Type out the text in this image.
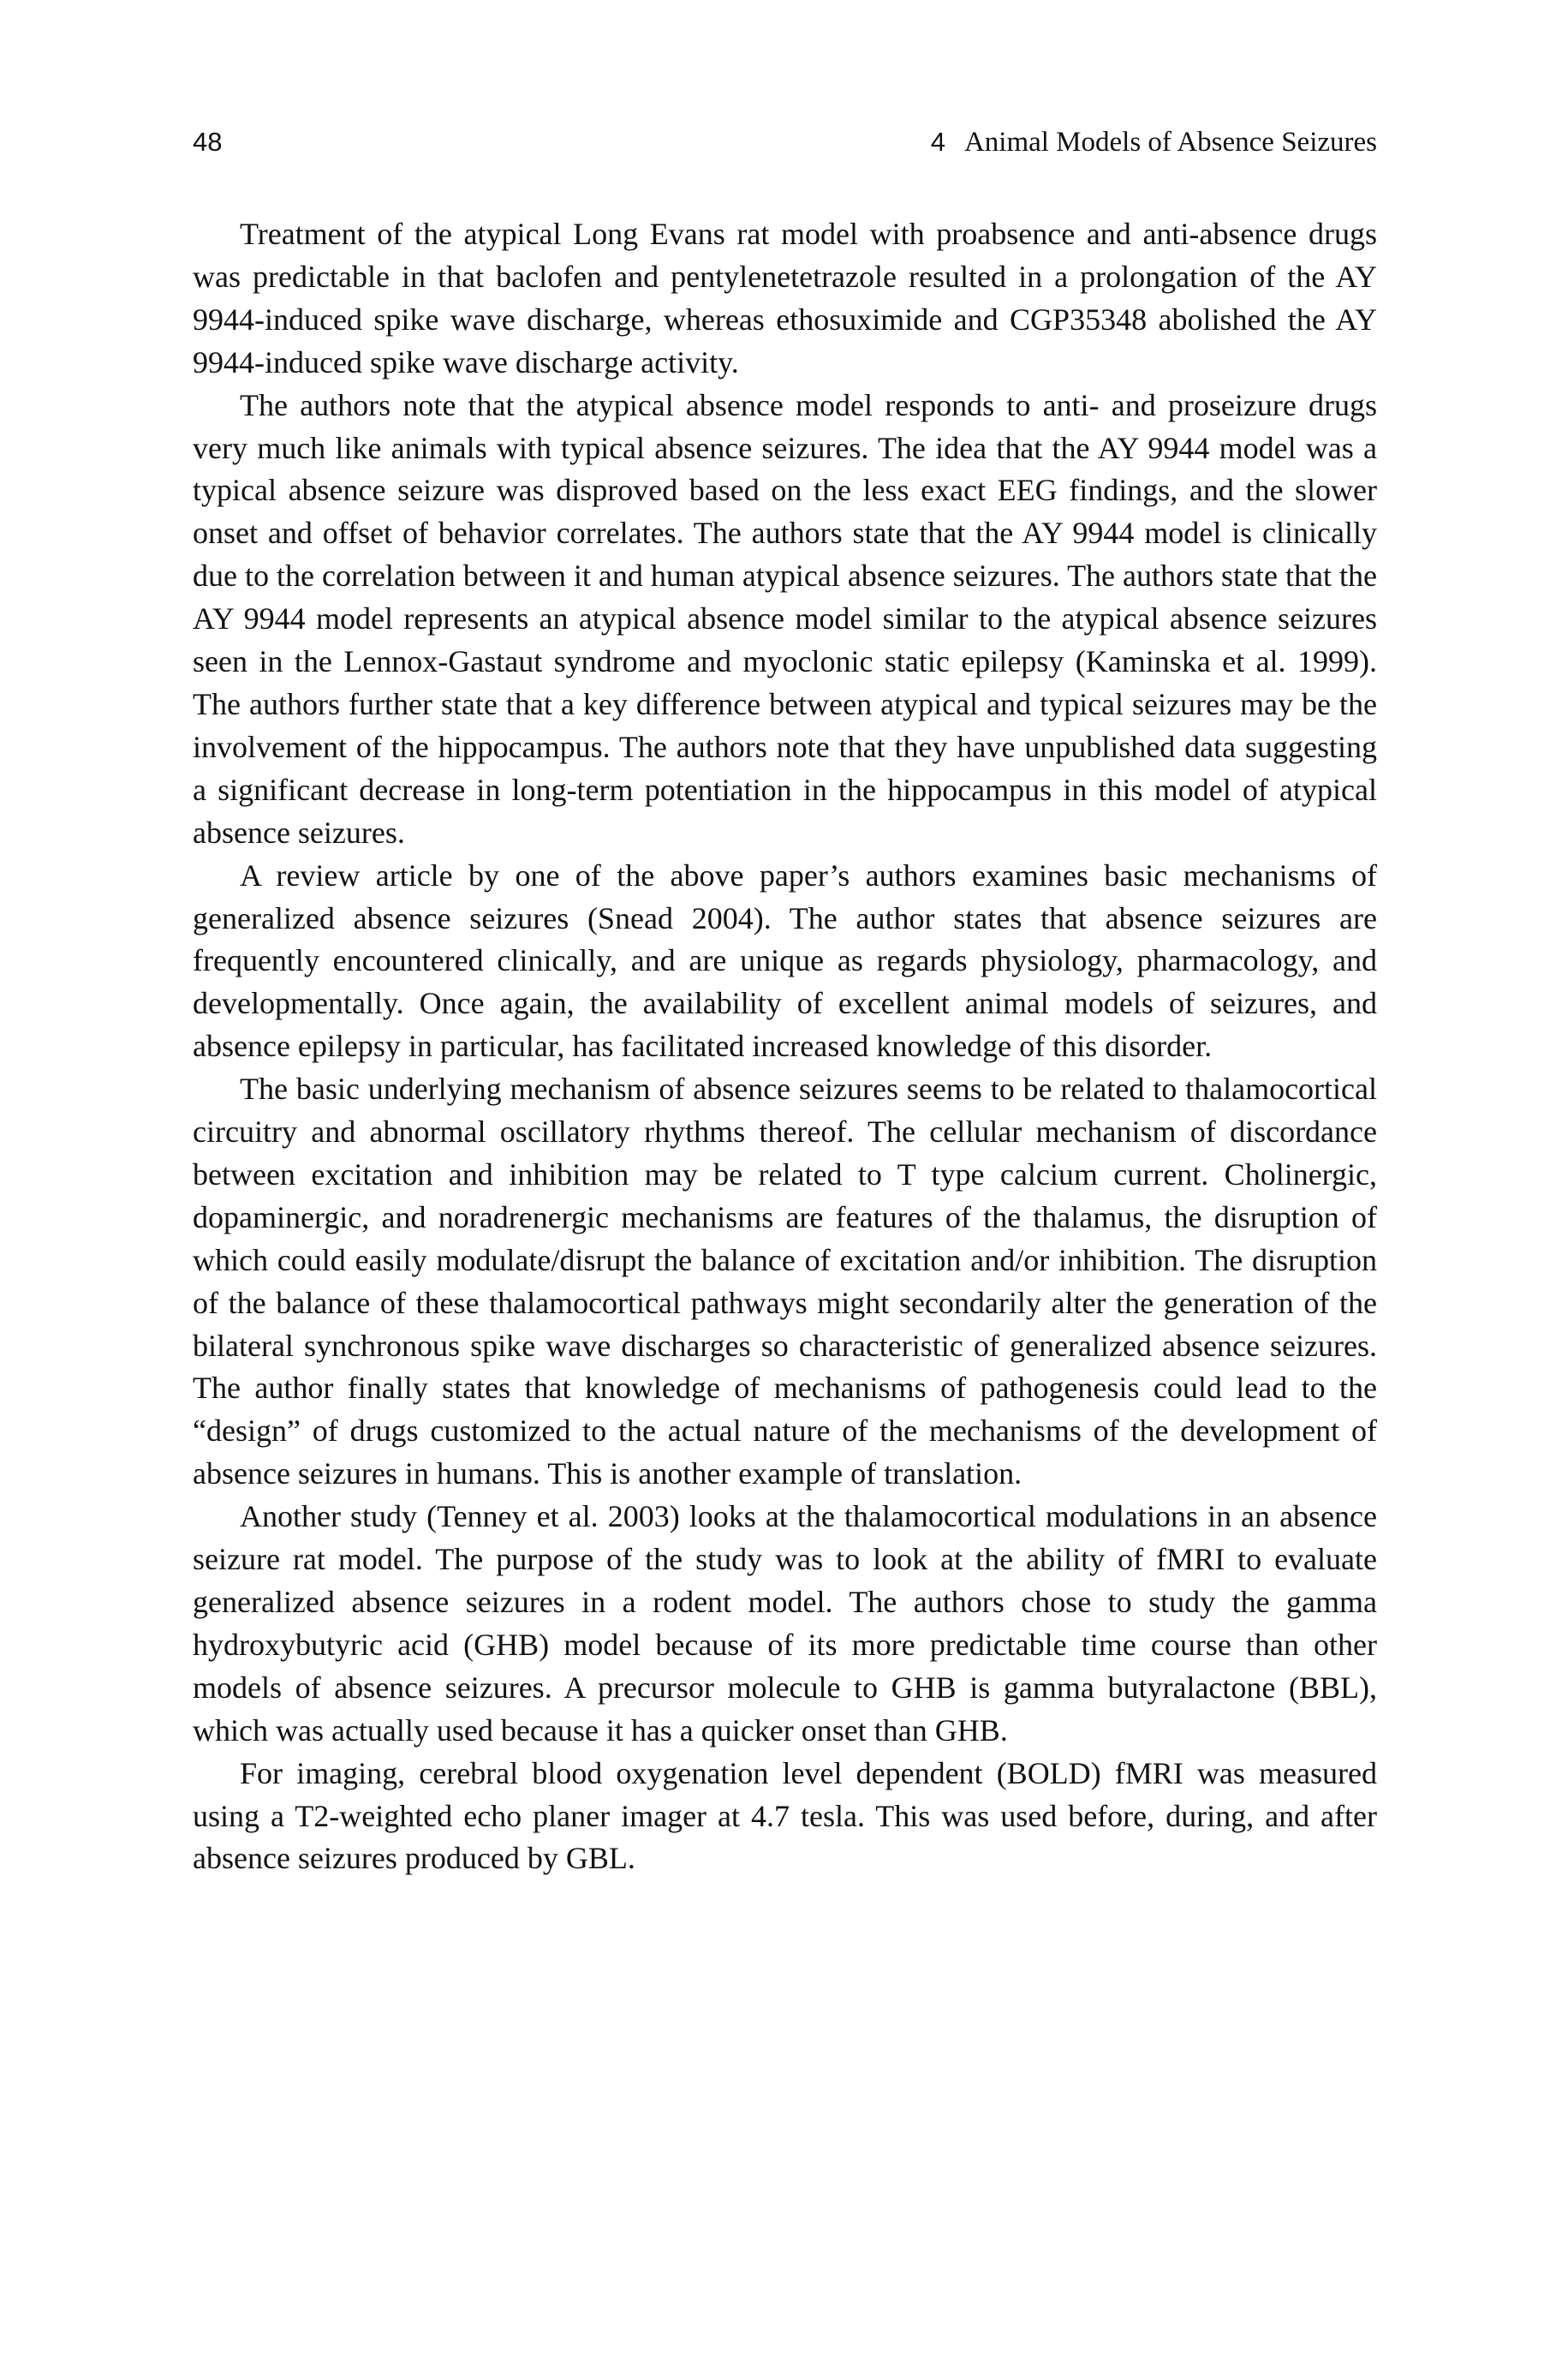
48	4 Animal Models of Absence Seizures

Treatment of the atypical Long Evans rat model with proabsence and anti-absence drugs was predictable in that baclofen and pentylenetetrazole resulted in a prolongation of the AY 9944-induced spike wave discharge, whereas ethosuximide and CGP35348 abolished the AY 9944-induced spike wave discharge activity.

The authors note that the atypical absence model responds to anti- and proseizure drugs very much like animals with typical absence seizures. The idea that the AY 9944 model was a typical absence seizure was disproved based on the less exact EEG findings, and the slower onset and offset of behavior correlates. The authors state that the AY 9944 model is clinically due to the correlation between it and human atypical absence seizures. The authors state that the AY 9944 model represents an atypical absence model similar to the atypical absence seizures seen in the Lennox-Gastaut syndrome and myoclonic static epilepsy (Kaminska et al. 1999). The authors further state that a key difference between atypical and typical seizures may be the involvement of the hippocampus. The authors note that they have unpublished data suggesting a significant decrease in long-term potentiation in the hippocampus in this model of atypical absence seizures.

A review article by one of the above paper’s authors examines basic mechanisms of generalized absence seizures (Snead 2004). The author states that absence seizures are frequently encountered clinically, and are unique as regards physiology, pharmacology, and developmentally. Once again, the availability of excellent animal models of seizures, and absence epilepsy in particular, has facilitated increased knowledge of this disorder.

The basic underlying mechanism of absence seizures seems to be related to thalamocortical circuitry and abnormal oscillatory rhythms thereof. The cellular mechanism of discordance between excitation and inhibition may be related to T type calcium current. Cholinergic, dopaminergic, and noradrenergic mechanisms are features of the thalamus, the disruption of which could easily modulate/disrupt the balance of excitation and/or inhibition. The disruption of the balance of these thalamocortical pathways might secondarily alter the generation of the bilateral synchronous spike wave discharges so characteristic of generalized absence seizures. The author finally states that knowledge of mechanisms of pathogenesis could lead to the “design” of drugs customized to the actual nature of the mechanisms of the development of absence seizures in humans. This is another example of translation.

Another study (Tenney et al. 2003) looks at the thalamocortical modulations in an absence seizure rat model. The purpose of the study was to look at the ability of fMRI to evaluate generalized absence seizures in a rodent model. The authors chose to study the gamma hydroxybutyric acid (GHB) model because of its more predictable time course than other models of absence seizures. A precursor molecule to GHB is gamma butyralactone (BBL), which was actually used because it has a quicker onset than GHB.

For imaging, cerebral blood oxygenation level dependent (BOLD) fMRI was measured using a T2-weighted echo planer imager at 4.7 tesla. This was used before, during, and after absence seizures produced by GBL.
